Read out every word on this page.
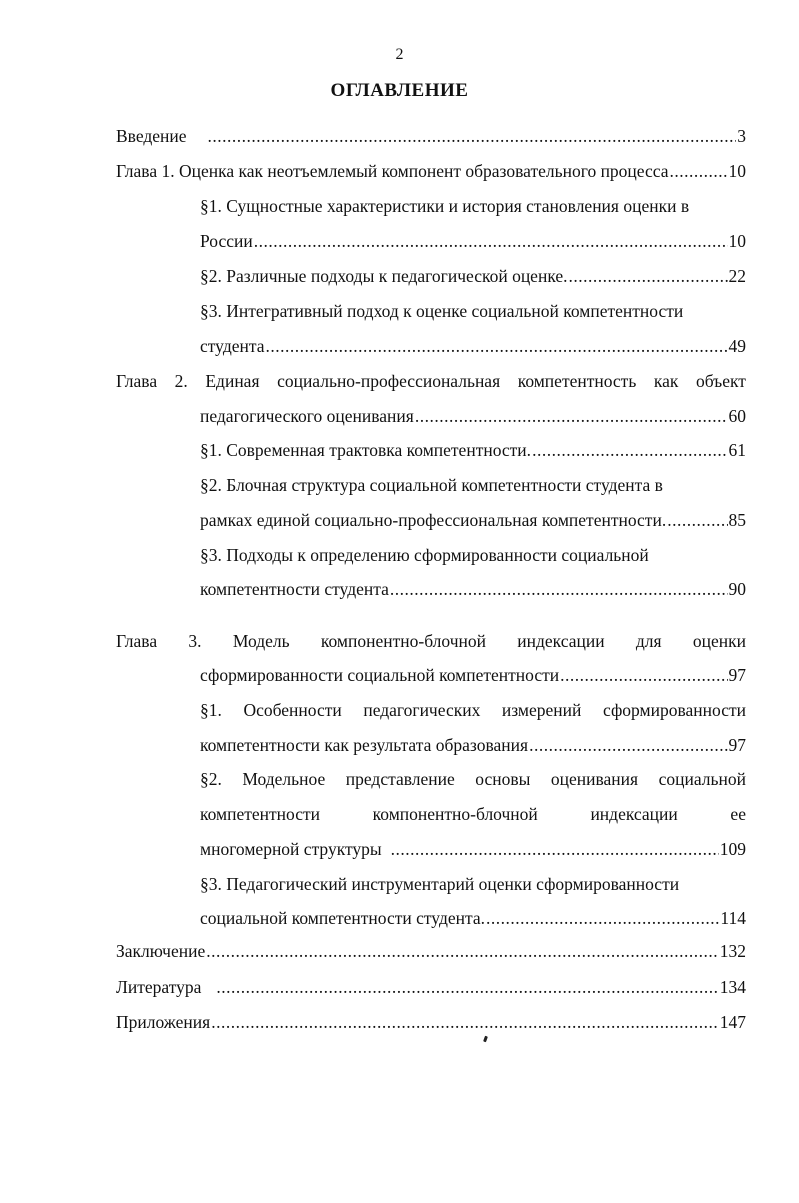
2
ОГЛАВЛЕНИЕ
Введение .....	3
Глава 1. Оценка как неотъемлемый компонент образовательного процесса .....	10
§1. Сущностные характеристики и история становления оценки в
России .....	10
§2. Различные подходы к педагогической оценке. .....	22
§3. Интегративный подход к оценке социальной компетентности
студента .....	49
Глава 2. Единая социально-профессиональная компетентность как объект
педагогического оценивания .....	60
§1. Современная трактовка компетентности. .....	61
§2. Блочная структура социальной компетентности студента в
рамках единой социально-профессиональная компетентности. .....	85
§3. Подходы к определению сформированности социальной
компетентности студента .....	90
Глава 3. Модель компонентно-блочной индексации для оценки
сформированности социальной компетентности .....	97
§1. Особенности педагогических измерений сформированности
компетентности как результата образования .....	97
§2. Модельное представление основы оценивания социальной
компетентности	компонентно-блочной	индексации	ее
многомерной структуры .....	109
§3. Педагогический инструментарий оценки сформированности
социальной компетентности студента. .....	114
Заключение .....	132
Литература .....	134
Приложения .....	147
